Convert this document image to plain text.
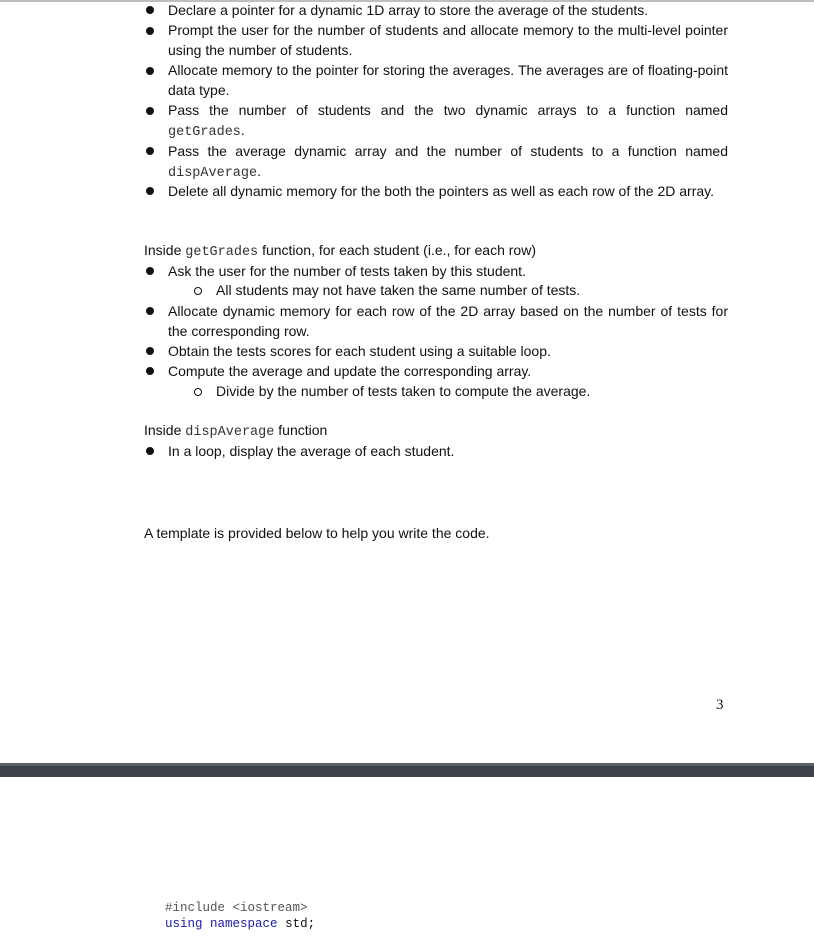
Declare a pointer for a dynamic 1D array to store the average of the students.
Prompt the user for the number of students and allocate memory to the multi-level pointer using the number of students.
Allocate memory to the pointer for storing the averages. The averages are of floating-point data type.
Pass the number of students and the two dynamic arrays to a function named getGrades.
Pass the average dynamic array and the number of students to a function named dispAverage.
Delete all dynamic memory for the both the pointers as well as each row of the 2D array.
Inside getGrades function, for each student (i.e., for each row)
Ask the user for the number of tests taken by this student.
All students may not have taken the same number of tests.
Allocate dynamic memory for each row of the 2D array based on the number of tests for the corresponding row.
Obtain the tests scores for each student using a suitable loop.
Compute the average and update the corresponding array.
Divide by the number of tests taken to compute the average.
Inside dispAverage function
In a loop, display the average of each student.
A template is provided below to help you write the code.
3
#include <iostream>
using namespace std;
